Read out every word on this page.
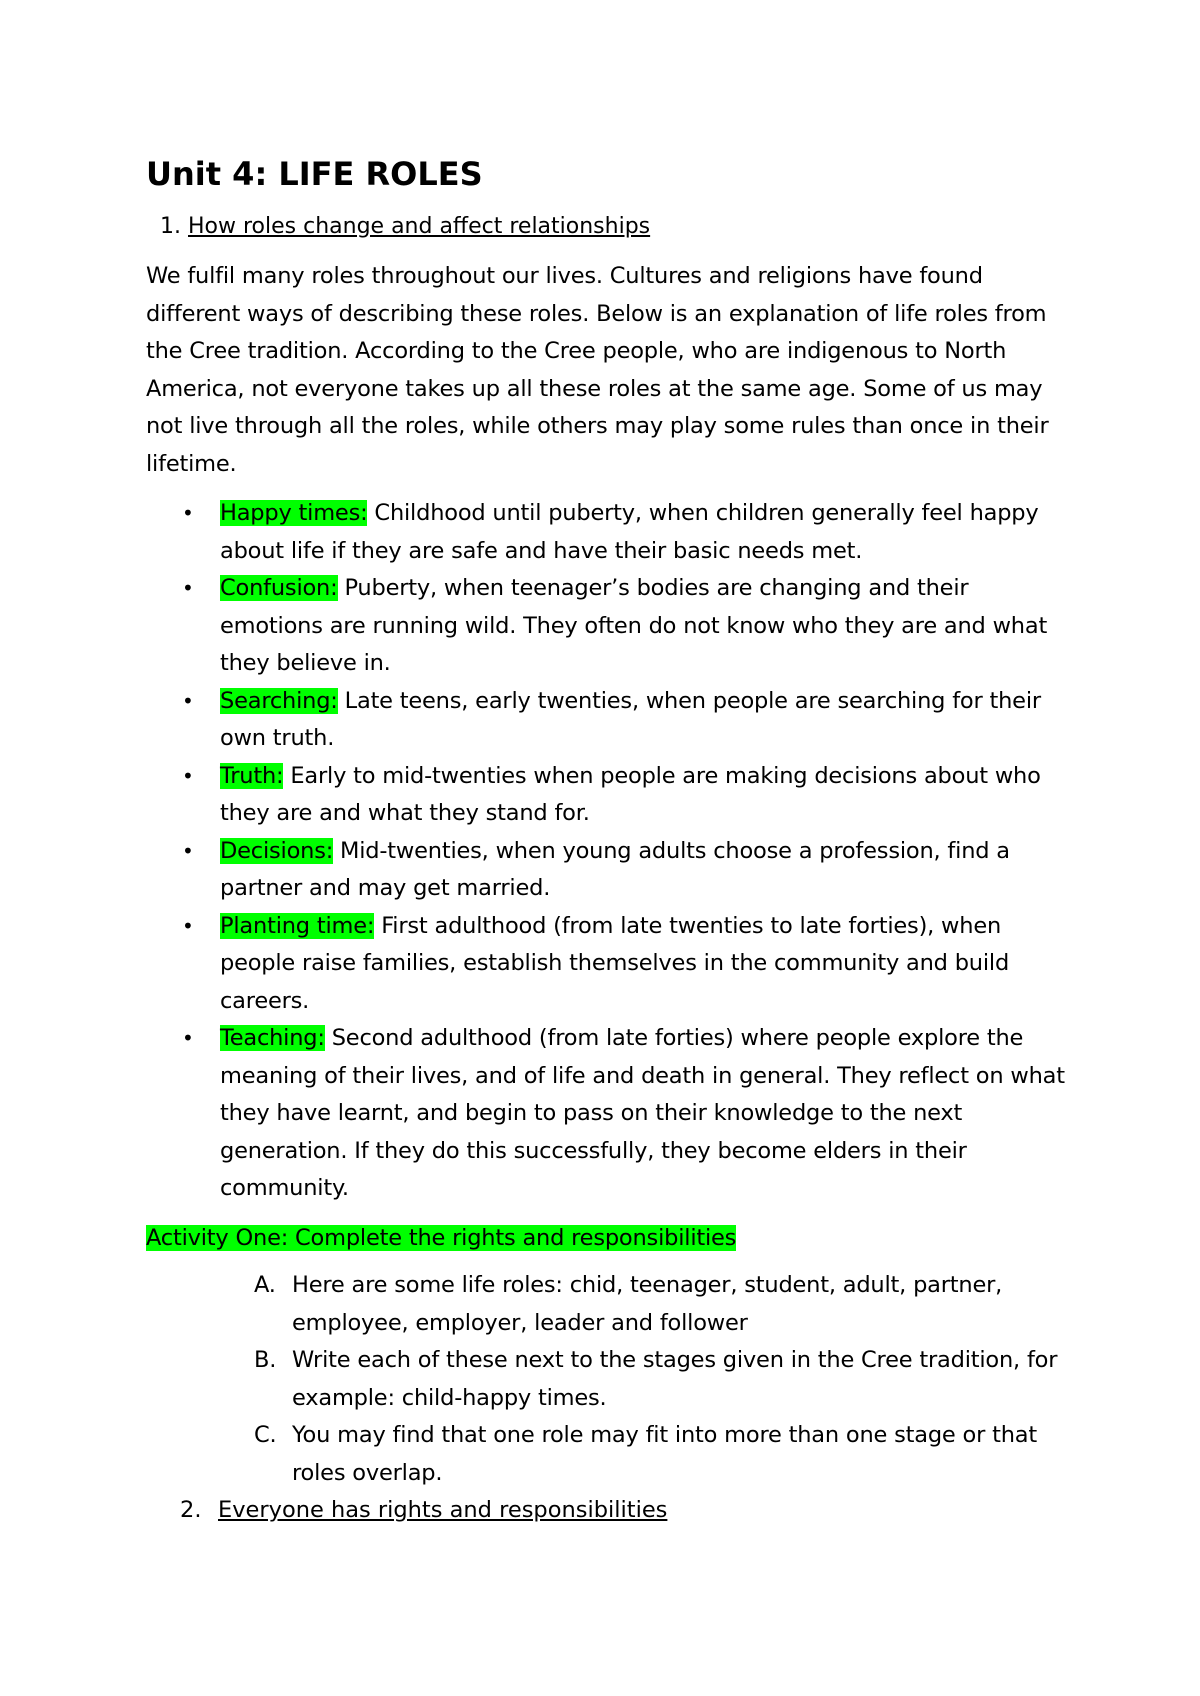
Unit 4: LIFE ROLES
1. How roles change and affect relationships

We fulfil many roles throughout our lives. Cultures and religions have found different ways of describing these roles. Below is an explanation of life roles from the Cree tradition. According to the Cree people, who are indigenous to North America, not everyone takes up all these roles at the same age. Some of us may not live through all the roles, while others may play some rules than once in their lifetime.

• Happy times: Childhood until puberty, when children generally feel happy about life if they are safe and have their basic needs met.
• Confusion: Puberty, when teenager’s bodies are changing and their emotions are running wild. They often do not know who they are and what they believe in.
• Searching: Late teens, early twenties, when people are searching for their own truth.
• Truth: Early to mid-twenties when people are making decisions about who they are and what they stand for.
• Decisions: Mid-twenties, when young adults choose a profession, find a partner and may get married.
• Planting time: First adulthood (from late twenties to late forties), when people raise families, establish themselves in the community and build careers.
• Teaching: Second adulthood (from late forties) where people explore the meaning of their lives, and of life and death in general. They reflect on what they have learnt, and begin to pass on their knowledge to the next generation. If they do this successfully, they become elders in their community.
Activity One: Complete the rights and responsibilities
A. Here are some life roles: chid, teenager, student, adult, partner, employee, employer, leader and follower
B. Write each of these next to the stages given in the Cree tradition, for example: child-happy times.
C. You may find that one role may fit into more than one stage or that roles overlap.
2. Everyone has rights and responsibilities
